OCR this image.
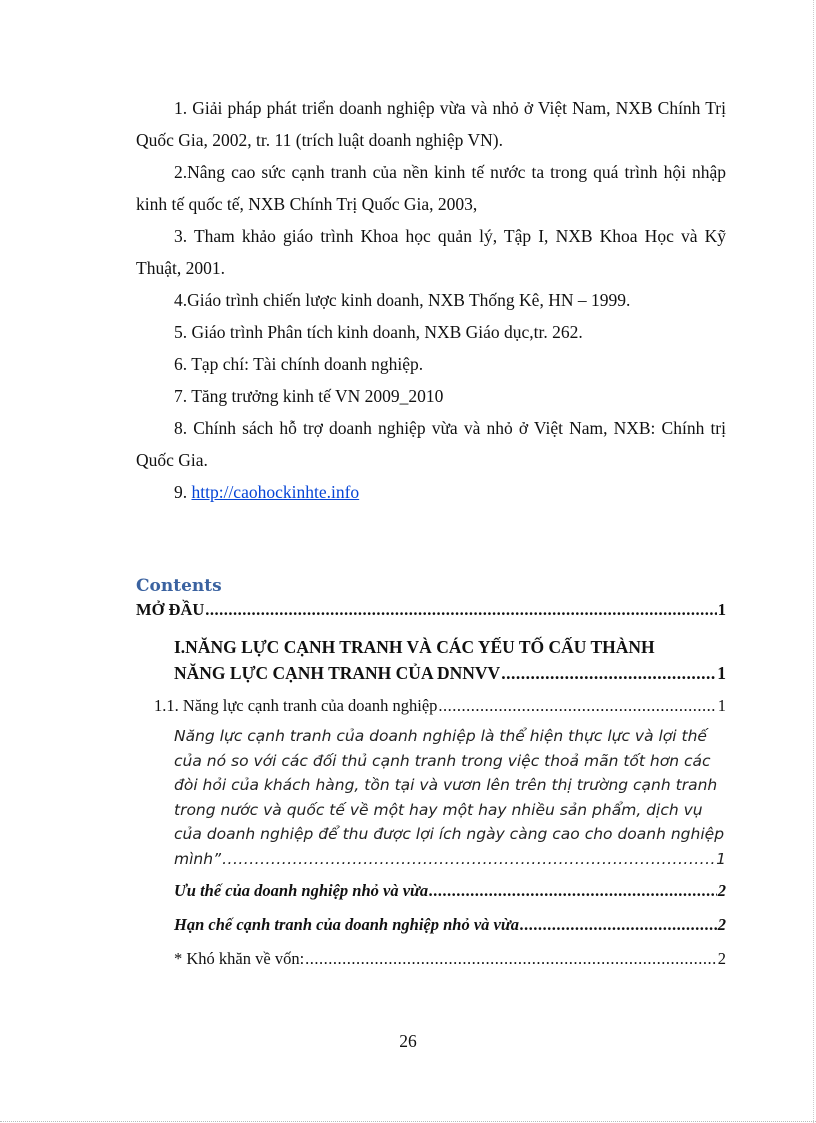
1. Giải pháp phát triển doanh nghiệp vừa và nhỏ ở Việt Nam, NXB Chính Trị Quốc Gia, 2002, tr. 11 (trích luật doanh nghiệp VN).

2.Nâng cao sức cạnh tranh của nền kinh tế nước ta trong quá trình hội nhập kinh tế quốc tế, NXB Chính Trị Quốc Gia, 2003,

3. Tham khảo giáo trình Khoa học quản lý, Tập I, NXB Khoa Học và Kỹ Thuật, 2001.

4.Giáo trình chiến lược kinh doanh, NXB Thống Kê, HN – 1999.

5. Giáo trình Phân tích kinh doanh, NXB Giáo dục,tr. 262.

6. Tạp chí: Tài chính doanh nghiệp.

7. Tăng trưởng kinh tế VN 2009_2010

8. Chính sách hỗ trợ doanh nghiệp vừa và nhỏ ở Việt Nam, NXB: Chính trị Quốc Gia.

9. http://caohockinhte.info

Contents
MỞ ĐẦU .....	1
I.NĂNG LỰC CẠNH TRANH VÀ CÁC YẾU TỐ CẤU THÀNH
NĂNG LỰC CẠNH TRANH CỦA DNNVV .....	1
1.1. Năng lực cạnh tranh của doanh nghiệp .....	1
Năng lực cạnh tranh của doanh nghiệp là thể hiện thực lực và lợi thế của nó so với các đối thủ cạnh tranh trong việc thoả mãn tốt hơn các đòi hỏi của khách hàng, tồn tại và vươn lên trên thị trường cạnh tranh trong nước và quốc tế về một hay một hay nhiều sản phẩm, dịch vụ của doanh nghiệp để thu được lợi ích ngày càng cao cho doanh nghiệp
mình” .....	1
Ưu thế của doanh nghiệp nhỏ và vừa .....	2
Hạn chế cạnh tranh của doanh nghiệp nhỏ và vừa .....	2
* Khó khăn về vốn: .....	2
26
